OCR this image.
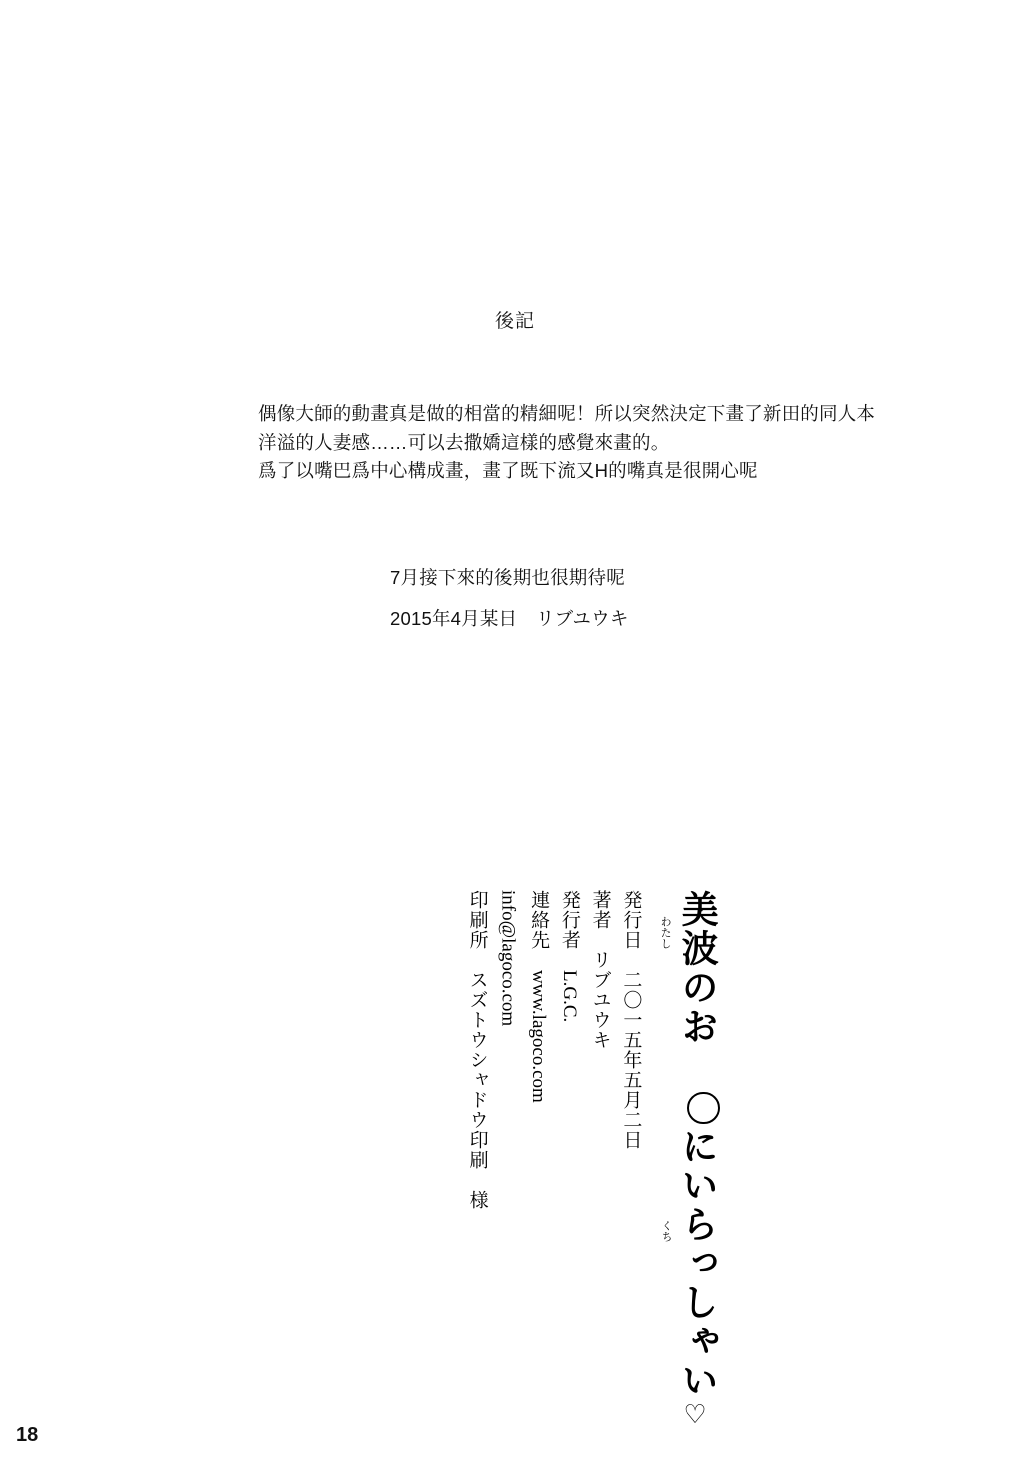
後記

偶像大師的動畫真是做的相當的精細呢！所以突然決定下畫了新田的同人本

洋溢的人妻感……可以去撒嬌這樣的感覺來畫的。

爲了以嘴巴爲中心構成畫，畫了既下流又H的嘴真是很開心呢

7月接下來的後期也很期待呢

2015年4月某日　リブユウキ
わたし 美波のお
くち
にいらっしゃい♡
発行日　二〇一五年五月二日
著者　リブユウキ
発行者　L.G.C.
連絡先　www.lagoco.com
info@lagoco.com
印刷所　スズトウシャドウ印刷　様
18
